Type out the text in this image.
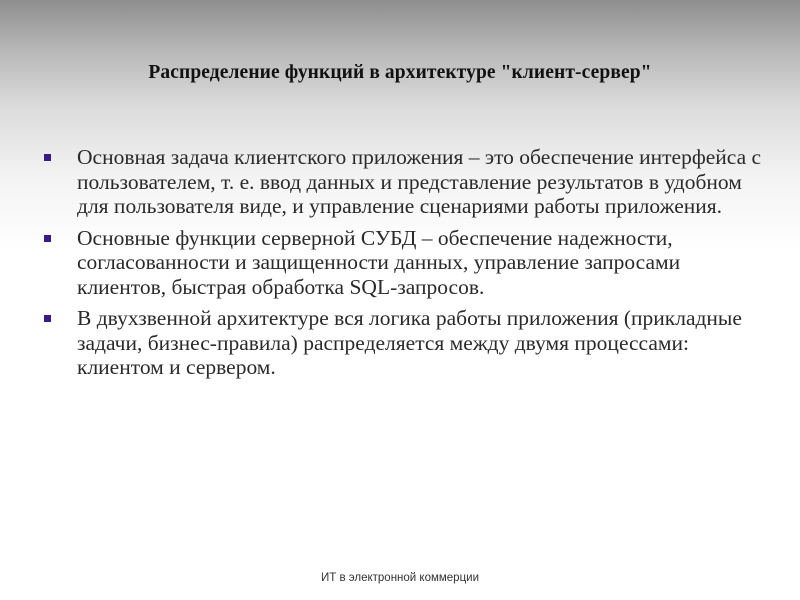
Распределение функций в архитектуре "клиент-сервер"
Основная задача клиентского приложения – это обеспечение интерфейса с пользователем, т. е. ввод данных и представление результатов в удобном для пользователя виде, и управление сценариями работы приложения.
Основные функции серверной СУБД – обеспечение надежности, согласованности и защищенности данных, управление запросами клиентов, быстрая обработка SQL-запросов.
В двухзвенной архитектуре вся логика работы приложения (прикладные задачи, бизнес-правила) распределяется между двумя процессами: клиентом и сервером.
ИТ в электронной коммерции
